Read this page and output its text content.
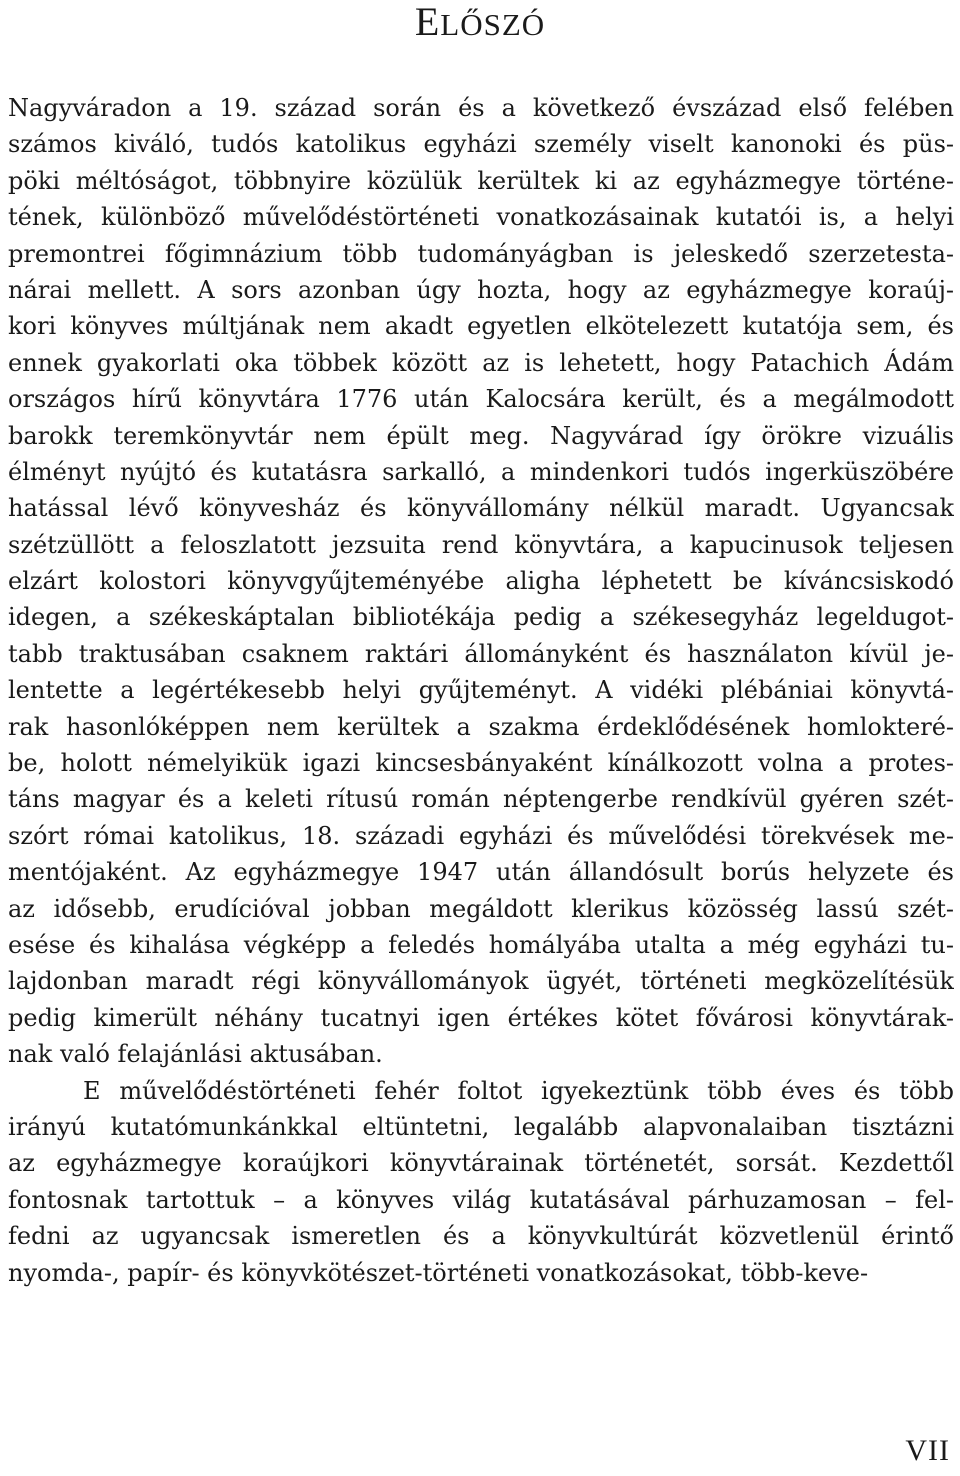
ELŐSZÓ
Nagyváradon a 19. század során és a következő évszázad első felében
számos kiváló, tudós katolikus egyházi személy viselt kanonoki és püs-
pöki méltóságot, többnyire közülük kerültek ki az egyházmegye történe-
tének, különböző művelődéstörténeti vonatkozásainak kutatói is, a helyi
premontrei főgimnázium több tudományágban is jeleskedő szerzetesta-
nárai mellett. A sors azonban úgy hozta, hogy az egyházmegye koraúj-
kori könyves múltjának nem akadt egyetlen elkötelezett kutatója sem, és
ennek gyakorlati oka többek között az is lehetett, hogy Patachich Ádám
országos hírű könyvtára 1776 után Kalocsára került, és a megálmodott
barokk teremkönyvtár nem épült meg. Nagyvárad így örökre vizuális
élményt nyújtó és kutatásra sarkalló, a mindenkori tudós ingerküszöbére
hatással lévő könyvesház és könyvállomány nélkül maradt. Ugyancsak
szétzüllött a feloszlatott jezsuita rend könyvtára, a kapucinusok teljesen
elzárt kolostori könyvgyűjteményébe aligha léphetett be kíváncsiskodó
idegen, a székeskáptalan bibliotékája pedig a székesegyház legeldugot-
tabb traktusában csaknem raktári állományként és használaton kívül je-
lentette a legértékesebb helyi gyűjteményt. A vidéki plébániai könyvtá-
rak hasonlóképpen nem kerültek a szakma érdeklődésének homlokteré-
be, holott némelyikük igazi kincsesbányaként kínálkozott volna a protes-
táns magyar és a keleti rítusú román néptengerbe rendkívül gyéren szét-
szórt római katolikus, 18. századi egyházi és művelődési törekvések me-
mentójaként. Az egyházmegye 1947 után állandósult borús helyzete és
az idősebb, erudícióval jobban megáldott klerikus közösség lassú szét-
esése és kihalása végképp a feledés homályába utalta a még egyházi tu-
lajdonban maradt régi könyvállományok ügyét, történeti megközelítésük
pedig kimerült néhány tucatnyi igen értékes kötet fővárosi könyvtárak-
nak való felajánlási aktusában.
E művelődéstörténeti fehér foltot igyekeztünk több éves és több
irányú kutatómunkánkkal eltüntetni, legalább alapvonalaiban tisztázni
az egyházmegye koraújkori könyvtárainak történetét, sorsát. Kezdettől
fontosnak tartottuk – a könyves világ kutatásával párhuzamosan – fel-
fedni az ugyancsak ismeretlen és a könyvkultúrát közvetlenül érintő
nyomda-, papír- és könyvkötészet-történeti vonatkozásokat, több-keve-
VII
